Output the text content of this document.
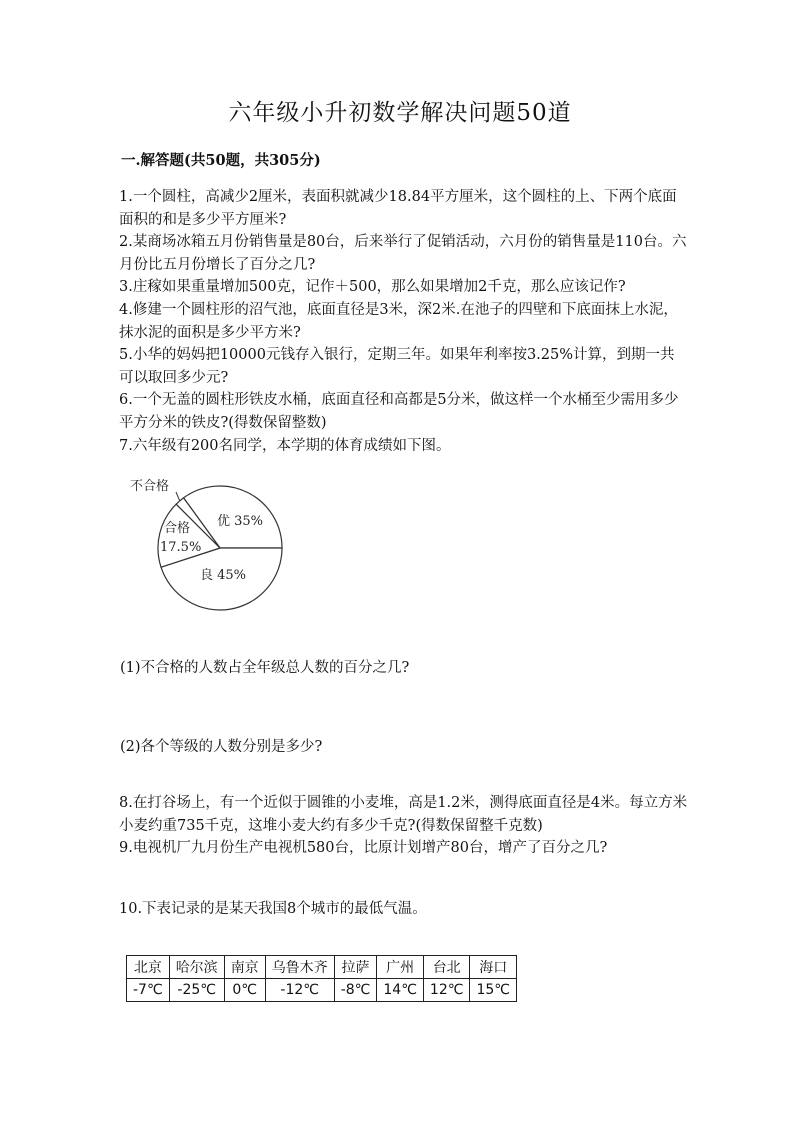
六年级小升初数学解决问题50道
一.解答题(共50题，共305分)

1.一个圆柱，高减少2厘米，表面积就减少18.84平方厘米，这个圆柱的上、下两个底面面积的和是多少平方厘米?

2.某商场冰箱五月份销售量是80台，后来举行了促销活动，六月份的销售量是110台。六月份比五月份增长了百分之几?

3.庄稼如果重量增加500克，记作＋500，那么如果增加2千克，那么应该记作?

4.修建一个圆柱形的沼气池，底面直径是3米，深2米.在池子的四壁和下底面抹上水泥，抹水泥的面积是多少平方米?

5.小华的妈妈把10000元钱存入银行，定期三年。如果年利率按3.25%计算，到期一共可以取回多少元?

6.一个无盖的圆柱形铁皮水桶，底面直径和高都是5分米，做这样一个水桶至少需用多少平方分米的铁皮?(得数保留整数)

7.六年级有200名同学，本学期的体育成绩如下图。

不合格
合格
17.5%
优 35%
良 45%
(1)不合格的人数占全年级总人数的百分之几?
(2)各个等级的人数分别是多少?

8.在打谷场上，有一个近似于圆锥的小麦堆，高是1.2米，测得底面直径是4米。每立方米小麦约重735千克，这堆小麦大约有多少千克?(得数保留整千克数)

9.电视机厂九月份生产电视机580台，比原计划增产80台，增产了百分之几?

10.下表记录的是某天我国8个城市的最低气温。
北京	哈尔滨	南京	乌鲁木齐	拉萨	广州	台北	海口
-7℃	-25℃	0℃	-12℃	-8℃	14℃	12℃	15℃
